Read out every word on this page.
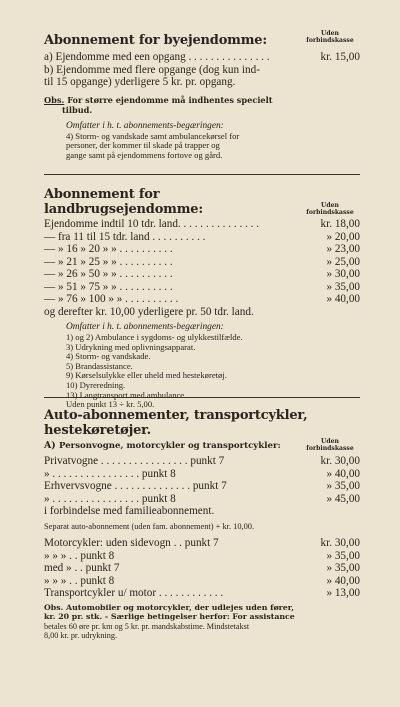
Abonnement for byejendomme:	Uden
forbindskasse
a) Ejendomme med een opgang . . . . . . . . . . . . . . .	kr. 15,00
b) Ejendomme med flere opgange (dog kun ind-
til 15 opgange) yderligere 5 kr. pr. opgang.
Obs. For større ejendomme må indhentes specielt
tilbud.
Omfatter i h. t. abonnements-begæringen:
4) Storm- og vandskade samt ambulancekørsel for
personer, der kommer til skade på trapper og
gange samt på ejendommens fortove og gård.
Abonnement for
landbrugsejendomme:	Uden
forbindskasse
Ejendomme indtil 10 tdr. land. . . . . . . . . . . . . . .	kr. 18,00
— fra 11 til 15 tdr. land . . . . . . . . . .	» 20,00
— » 16 » 20 » » . . . . . . . . . .	» 23,00
— » 21 » 25 » » . . . . . . . . . .	» 25,00
— » 26 » 50 » » . . . . . . . . . .	» 30,00
— » 51 » 75 » » . . . . . . . . . .	» 35,00
— » 76 » 100 » » . . . . . . . . . .	» 40,00
og derefter kr. 10,00 yderligere pr. 50 tdr. land.
Omfatter i h. t. abonnements-begæringen:
1) og 2) Ambulance i sygdoms- og ulykkestilfælde.
3) Udrykning med oplivningsapparat.
4) Storm- og vandskade.
5) Brandassistance.
9) Kørselsulykke eller uheld med hestekøretøj.
10) Dyreredning.
13) Langtransport med ambulance.
Uden punkt 13 ÷ kr. 5,00.
Auto-abonnementer, transportcykler,
hestekøretøjer.
Uden
forbindskasse
A) Personvogne, motorcykler og transportcykler:
Privatvogne . . . . . . . . . . . . . . . . punkt 7	kr. 30,00
» . . . . . . . . . . . . . . . . punkt 8	» 40,00
Erhvervsvogne . . . . . . . . . . . . . . punkt 7	» 35,00
» . . . . . . . . . . . . . . . . punkt 8	» 45,00
i forbindelse med familieabonnement.
Separat auto-abonnement (uden fam. abonnement) + kr. 10,00.
Motorcykler: uden sidevogn . . punkt 7	kr. 30,00
» » » . . punkt 8	» 35,00
med » . . punkt 7	» 35,00
» » » . . punkt 8	» 40,00
Transportcykler u/ motor . . . . . . . . . . . .	» 13,00
Obs. Automobiler og motorcykler, der udlejes uden fører,
kr. 20 pr. stk. - Særlige betingelser herfor: For assistance
betales 60 øre pr. km og 5 kr. pr. mandskabstime. Mindstetakst
8,00 kr. pr. udrykning.
